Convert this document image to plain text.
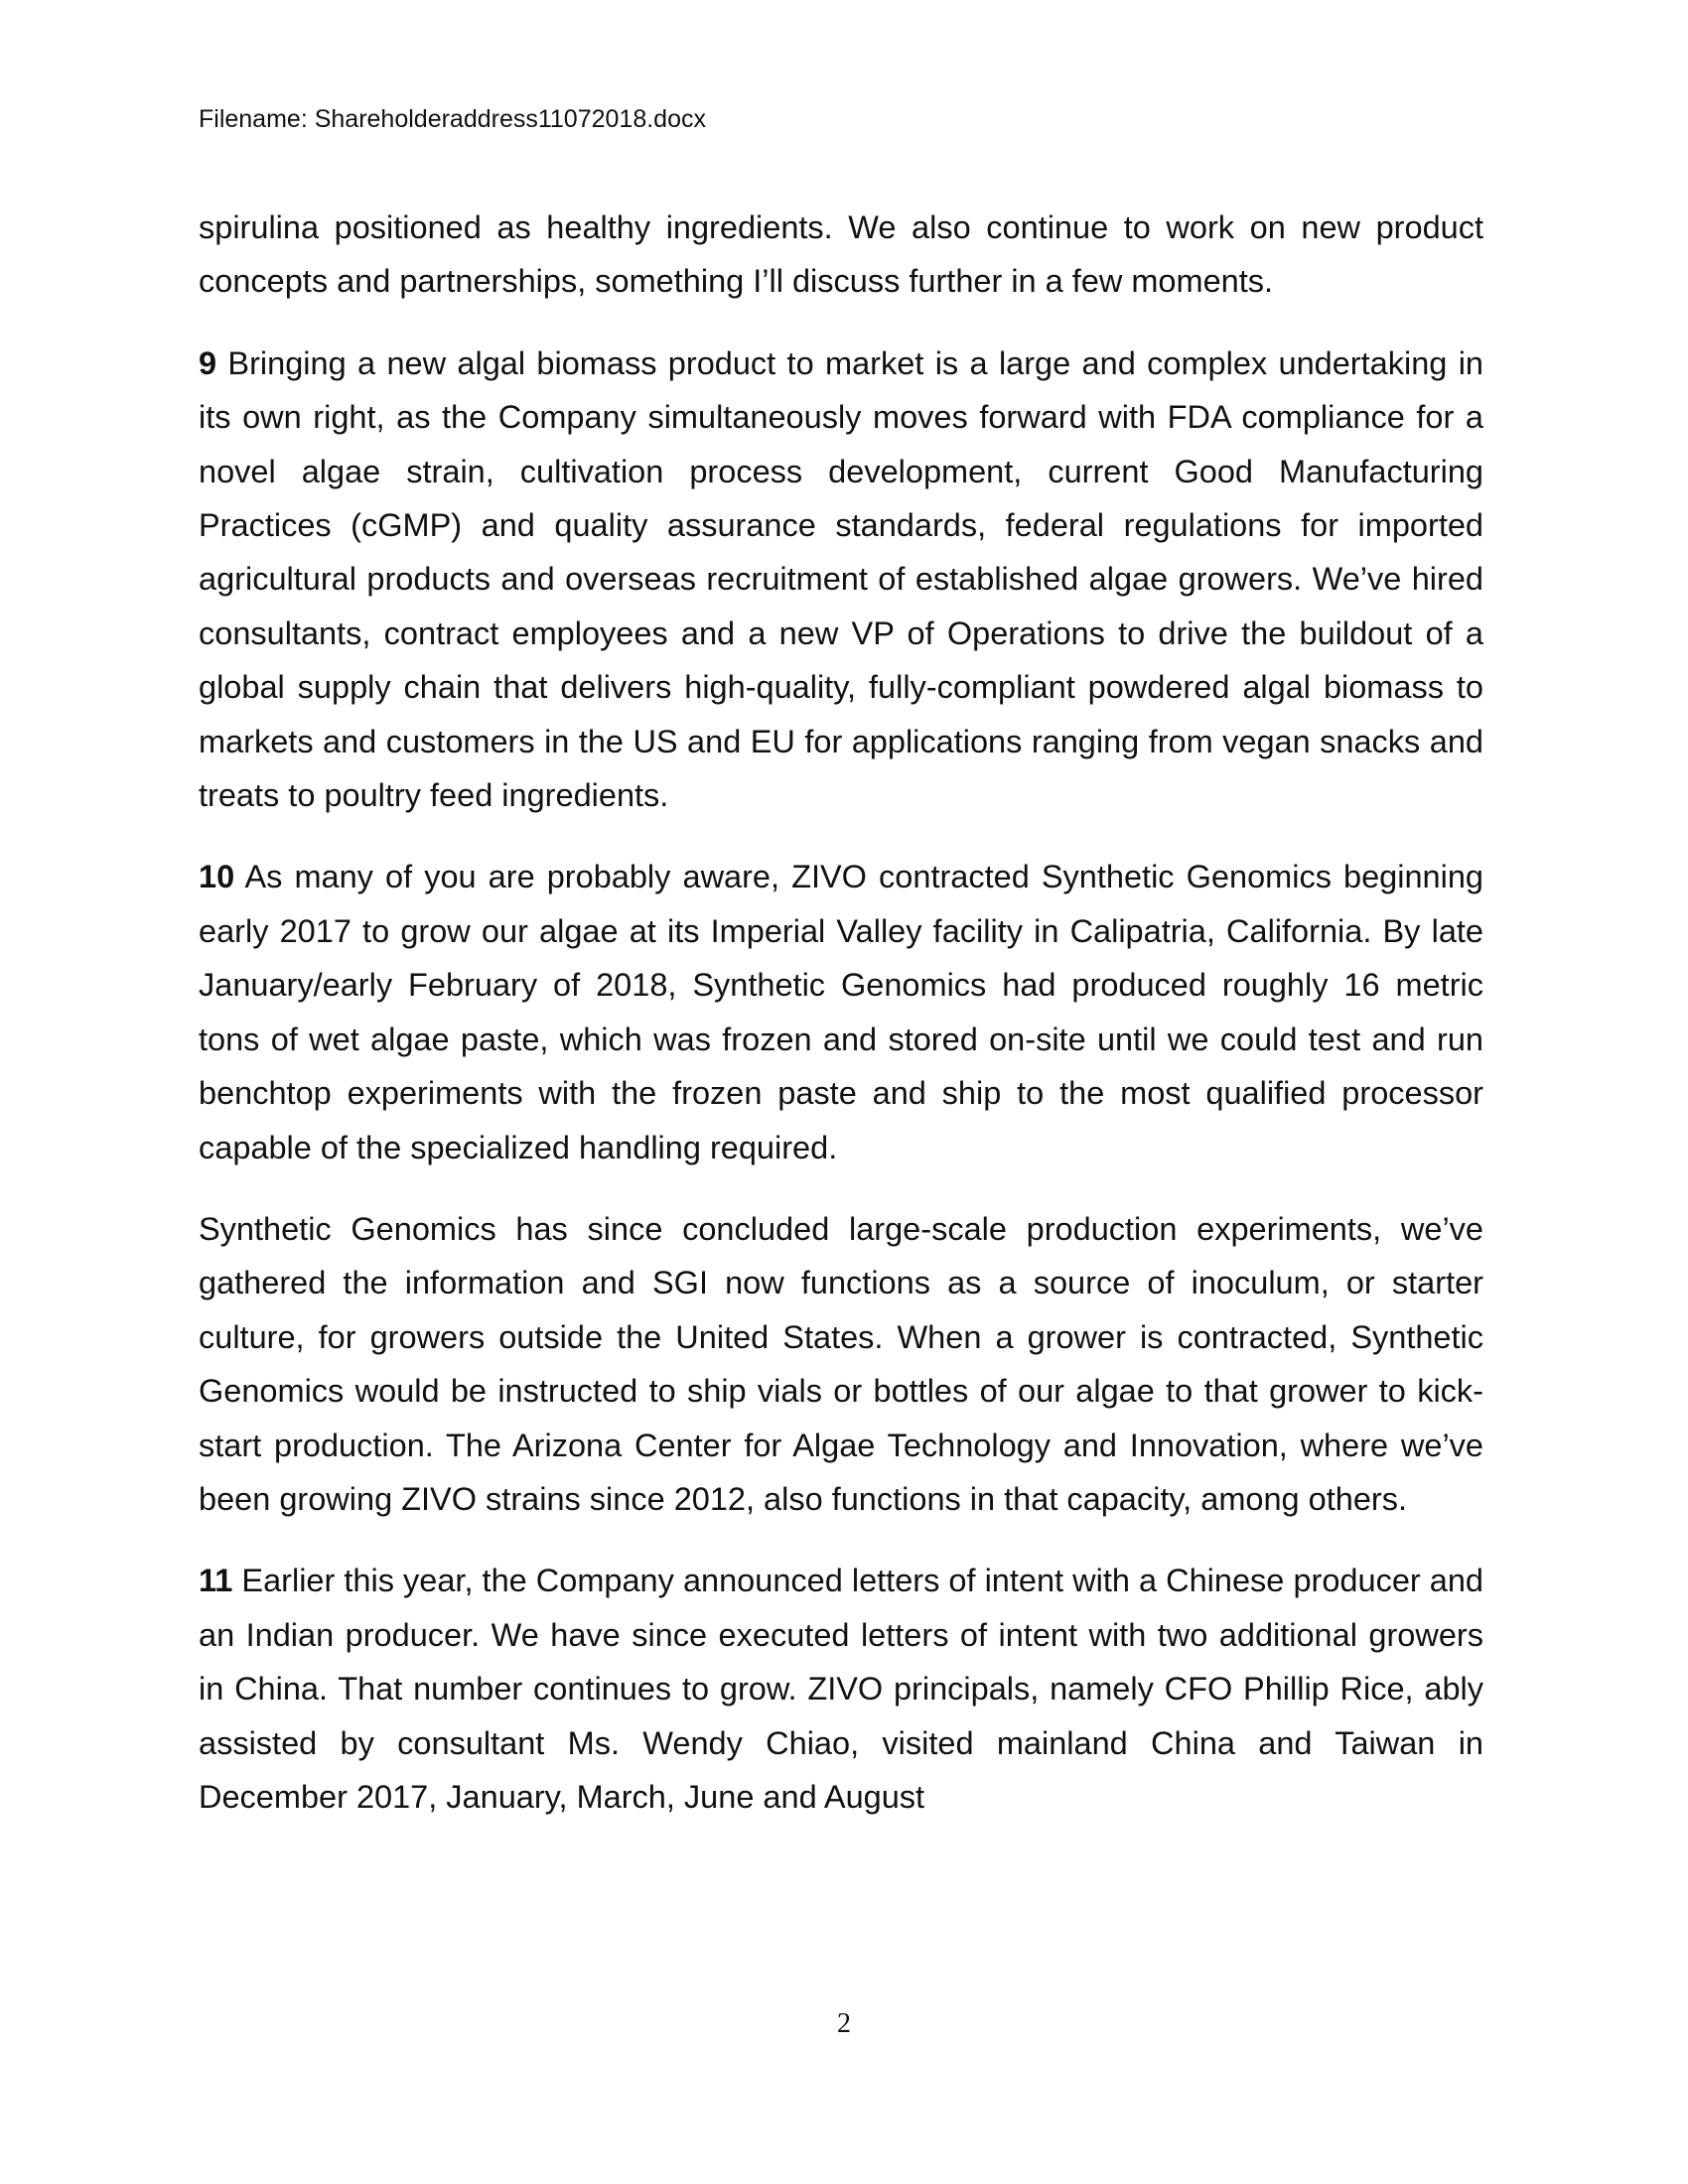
Filename: Shareholderaddress11072018.docx

spirulina positioned as healthy ingredients. We also continue to work on new product concepts and partnerships, something I’ll discuss further in a few moments.

9 Bringing a new algal biomass product to market is a large and complex undertaking in its own right, as the Company simultaneously moves forward with FDA compliance for a novel algae strain, cultivation process development, current Good Manufacturing Practices (cGMP) and quality assurance standards, federal regulations for imported agricultural products and overseas recruitment of established algae growers. We’ve hired consultants, contract employees and a new VP of Operations to drive the buildout of a global supply chain that delivers high-quality, fully-compliant powdered algal biomass to markets and customers in the US and EU for applications ranging from vegan snacks and treats to poultry feed ingredients.

10 As many of you are probably aware, ZIVO contracted Synthetic Genomics beginning early 2017 to grow our algae at its Imperial Valley facility in Calipatria, California. By late January/early February of 2018, Synthetic Genomics had produced roughly 16 metric tons of wet algae paste, which was frozen and stored on-site until we could test and run benchtop experiments with the frozen paste and ship to the most qualified processor capable of the specialized handling required.

Synthetic Genomics has since concluded large-scale production experiments, we’ve gathered the information and SGI now functions as a source of inoculum, or starter culture, for growers outside the United States. When a grower is contracted, Synthetic Genomics would be instructed to ship vials or bottles of our algae to that grower to kick-start production. The Arizona Center for Algae Technology and Innovation, where we’ve been growing ZIVO strains since 2012, also functions in that capacity, among others.

11 Earlier this year, the Company announced letters of intent with a Chinese producer and an Indian producer. We have since executed letters of intent with two additional growers in China. That number continues to grow. ZIVO principals, namely CFO Phillip Rice, ably assisted by consultant Ms. Wendy Chiao, visited mainland China and Taiwan in December 2017, January, March, June and August

2
